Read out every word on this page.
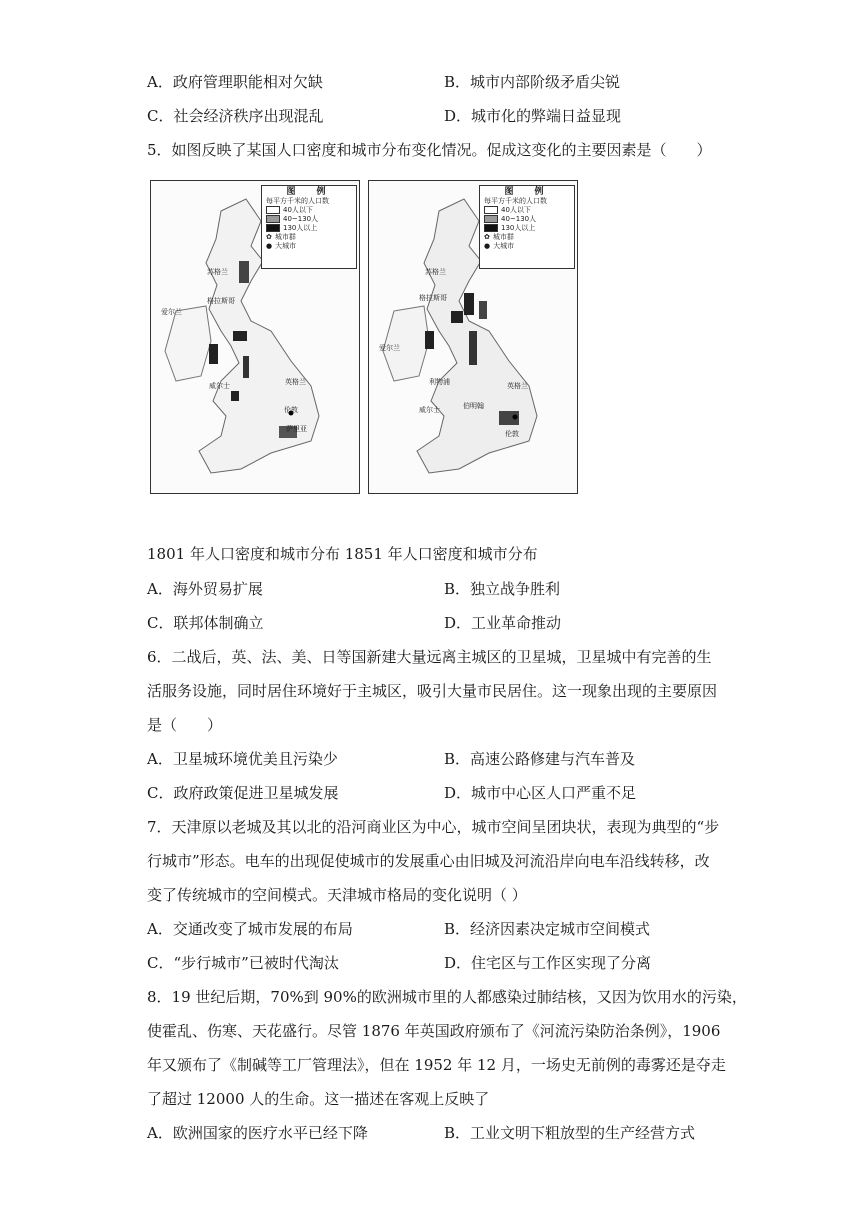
A．政府管理职能相对欠缺	B．城市内部阶级矛盾尖锐
C．社会经济秩序出现混乱	D．城市化的弊端日益显现
5．如图反映了某国人口密度和城市分布变化情况。促成这变化的主要因素是（　　）
图　例
每平方千米的人口数
40人以下
40~130人
130人以上
✿ 城市群
● 大城市
苏格兰
格拉斯哥
爱尔兰
英格兰
威尔士
伦敦
萨里亚
图　例
每平方千米的人口数
40人以下
40~130人
130人以上
✿ 城市群
● 大城市
苏格兰
格拉斯哥
爱尔兰
利物浦	英格兰
威尔士	伯明翰
伦敦
1801 年人口密度和城市分布 1851 年人口密度和城市分布
A．海外贸易扩展	B．独立战争胜利
C．联邦体制确立	D．工业革命推动
6．二战后，英、法、美、日等国新建大量远离主城区的卫星城，卫星城中有完善的生
活服务设施，同时居住环境好于主城区，吸引大量市民居住。这一现象出现的主要原因
是（　　）
A．卫星城环境优美且污染少	B．高速公路修建与汽车普及
C．政府政策促进卫星城发展	D．城市中心区人口严重不足
7．天津原以老城及其以北的沿河商业区为中心，城市空间呈团块状，表现为典型的“步
行城市”形态。电车的出现促使城市的发展重心由旧城及河流沿岸向电车沿线转移，改
变了传统城市的空间模式。天津城市格局的变化说明（ ）
A．交通改变了城市发展的布局	B．经济因素决定城市空间模式
C．“步行城市”已被时代淘汰	D．住宅区与工作区实现了分离
8．19 世纪后期，70%到 90%的欧洲城市里的人都感染过肺结核，又因为饮用水的污染，
使霍乱、伤寒、天花盛行。尽管 1876 年英国政府颁布了《河流污染防治条例》，1906
年又颁布了《制碱等工厂管理法》，但在 1952 年 12 月，一场史无前例的毒雾还是夺走
了超过 12000 人的生命。这一描述在客观上反映了
A．欧洲国家的医疗水平已经下降	B．工业文明下粗放型的生产经营方式
